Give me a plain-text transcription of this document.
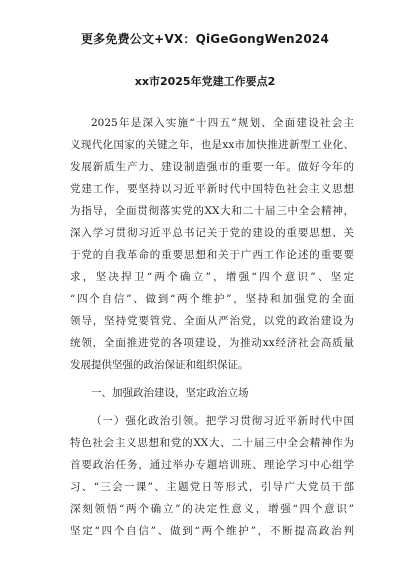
更多免费公文+VX：QiGeGongWen2024
xx市2025年党建工作要点2
2025年是深入实施“十四五”规划、全面建设社会主
义现代化国家的关键之年，也是xx市加快推进新型工业化、
发展新质生产力、建设制造强市的重要一年。做好今年的
党建工作，要坚持以习近平新时代中国特色社会主义思想
为指导，全面贯彻落实党的XX大和二十届三中全会精神，
深入学习贯彻习近平总书记关于党的建设的重要思想、关
于党的自我革命的重要思想和关于广西工作论述的重要要
求，坚决捍卫“两个确立”，增强“四个意识”、坚定
“四个自信”、做到“两个维护”，坚持和加强党的全面
领导，坚持党要管党、全面从严治党，以党的政治建设为
统领，全面推进党的各项建设，为推动xx经济社会高质量
发展提供坚强的政治保证和组织保证。
一、加强政治建设，坚定政治立场
（一）强化政治引领。把学习贯彻习近平新时代中国
特色社会主义思想和党的XX大、二十届三中全会精神作为
首要政治任务，通过举办专题培训班、理论学习中心组学
习、“三会一课”、主题党日等形式，引导广大党员干部
深刻领悟“两个确立”的决定性意义，增强“四个意识”
坚定“四个自信”、做到“两个维护”，不断提高政治判
